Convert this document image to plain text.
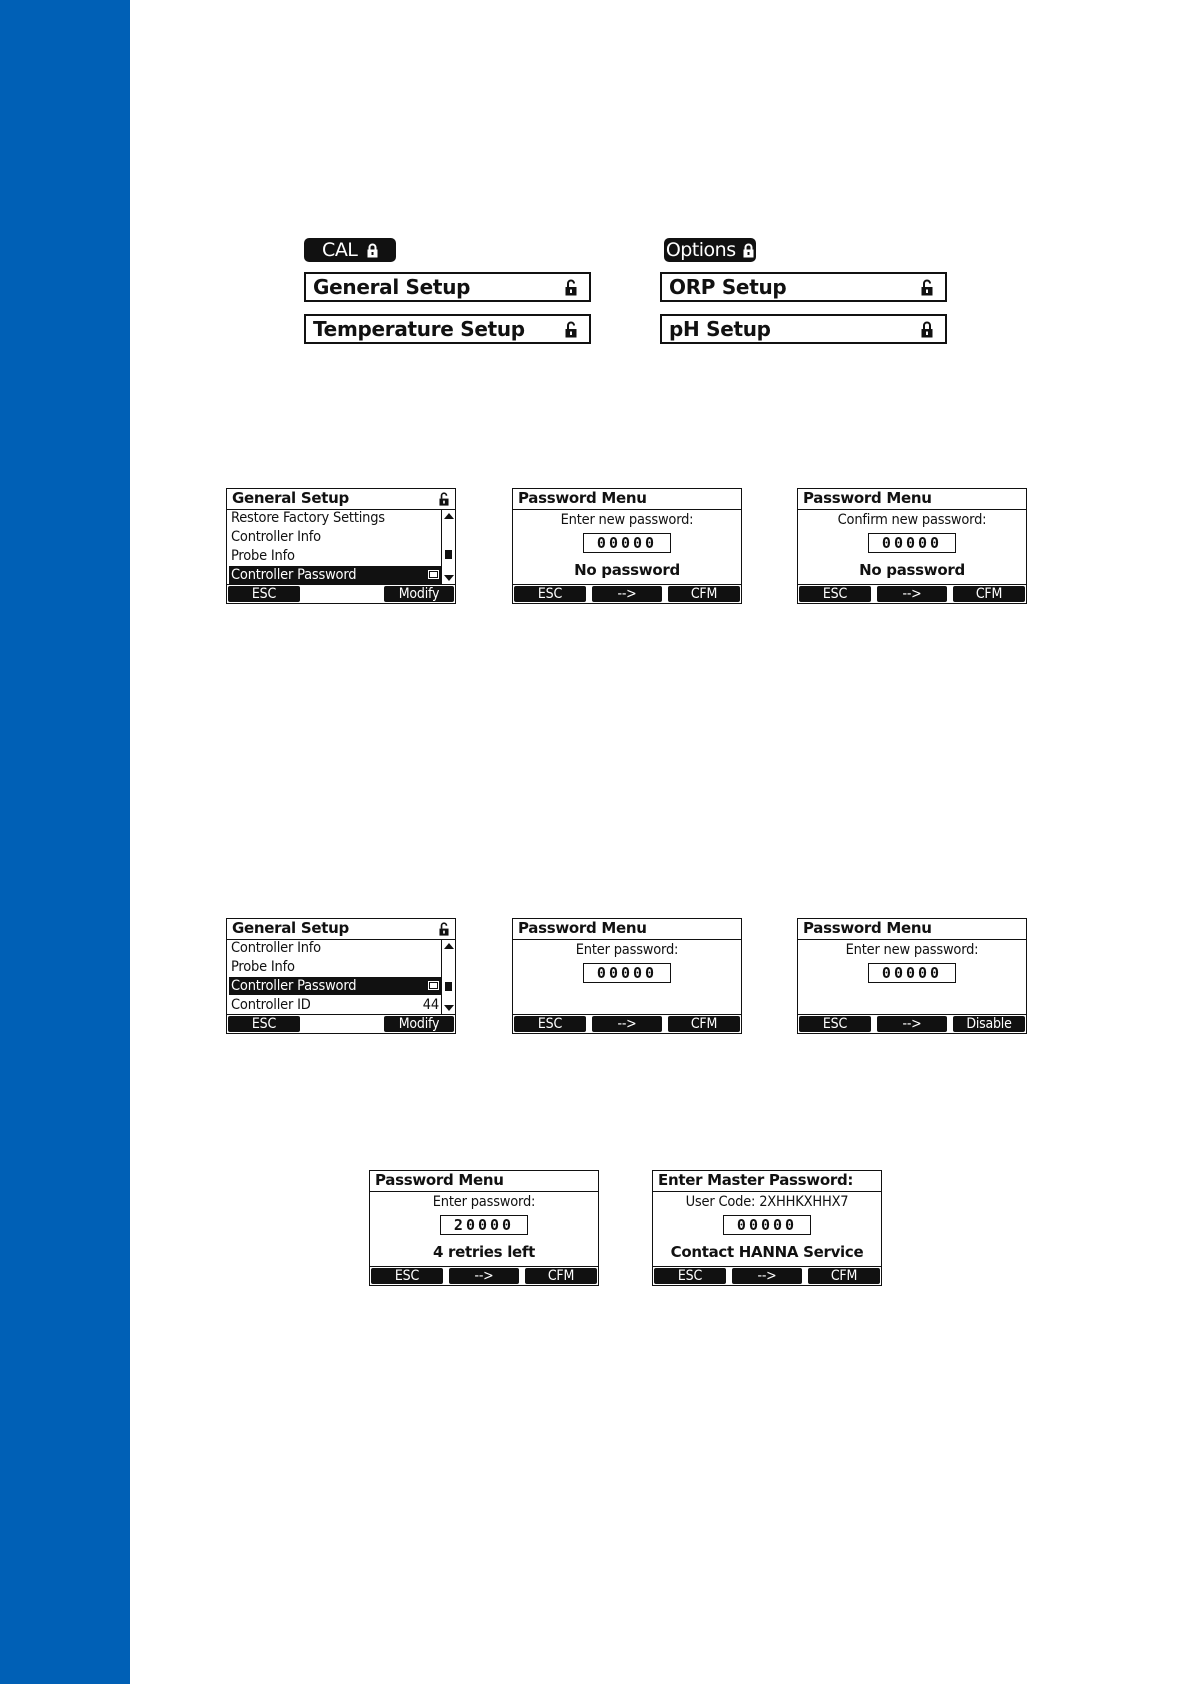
CAL	Options
General Setup
Temperature Setup
ORP Setup
pH Setup
General Setup
Restore Factory Settings
Controller Info
Probe Info
Controller Password
ESC	Modify
Password Menu
Enter new password:
00000
No password
ESC	-->	CFM
Password Menu
Confirm new password:
00000
No password
ESC	-->	CFM
General Setup
Controller Info
Probe Info
Controller Password
Controller ID	44
ESC	Modify
Password Menu
Enter password:
00000
ESC	-->	CFM
Password Menu
Enter new password:
00000
ESC	-->	Disable
Password Menu
Enter password:
20000
4 retries left
ESC	-->	CFM
Enter Master Password:
User Code: 2XHHKXHHX7
00000
Contact HANNA Service
ESC	-->	CFM
